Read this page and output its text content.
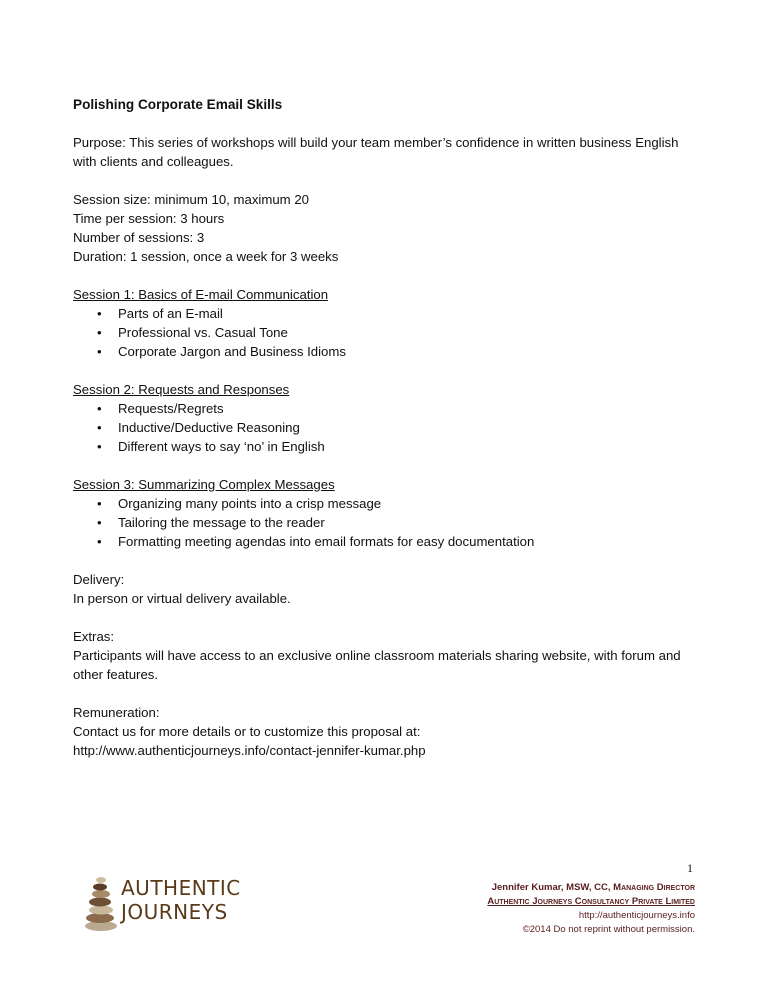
Polishing Corporate Email Skills

Purpose: This series of workshops will build your team member’s confidence in written business English with clients and colleagues.

Session size: minimum 10, maximum 20

Time per session: 3 hours

Number of sessions: 3

Duration: 1 session, once a week for 3 weeks

Session 1: Basics of E-mail Communication

• Parts of an E-mail
• Professional vs. Casual Tone
• Corporate Jargon and Business Idioms

Session 2: Requests and Responses

• Requests/Regrets
• Inductive/Deductive Reasoning
• Different ways to say ‘no’ in English

Session 3: Summarizing Complex Messages

• Organizing many points into a crisp message
• Tailoring the message to the reader
• Formatting meeting agendas into email formats for easy documentation

Delivery:

In person or virtual delivery available.

Extras:

Participants will have access to an exclusive online classroom materials sharing website, with forum and other features.

Remuneration:

Contact us for more details or to customize this proposal at:

http://www.authenticjourneys.info/contact-jennifer-kumar.php

AUTHENTIC
JOURNEYS
1
Jennifer Kumar, MSW, CC, Managing Director
Authentic Journeys Consultancy Private Limited
http://authenticjourneys.info
©2014 Do not reprint without permission.
